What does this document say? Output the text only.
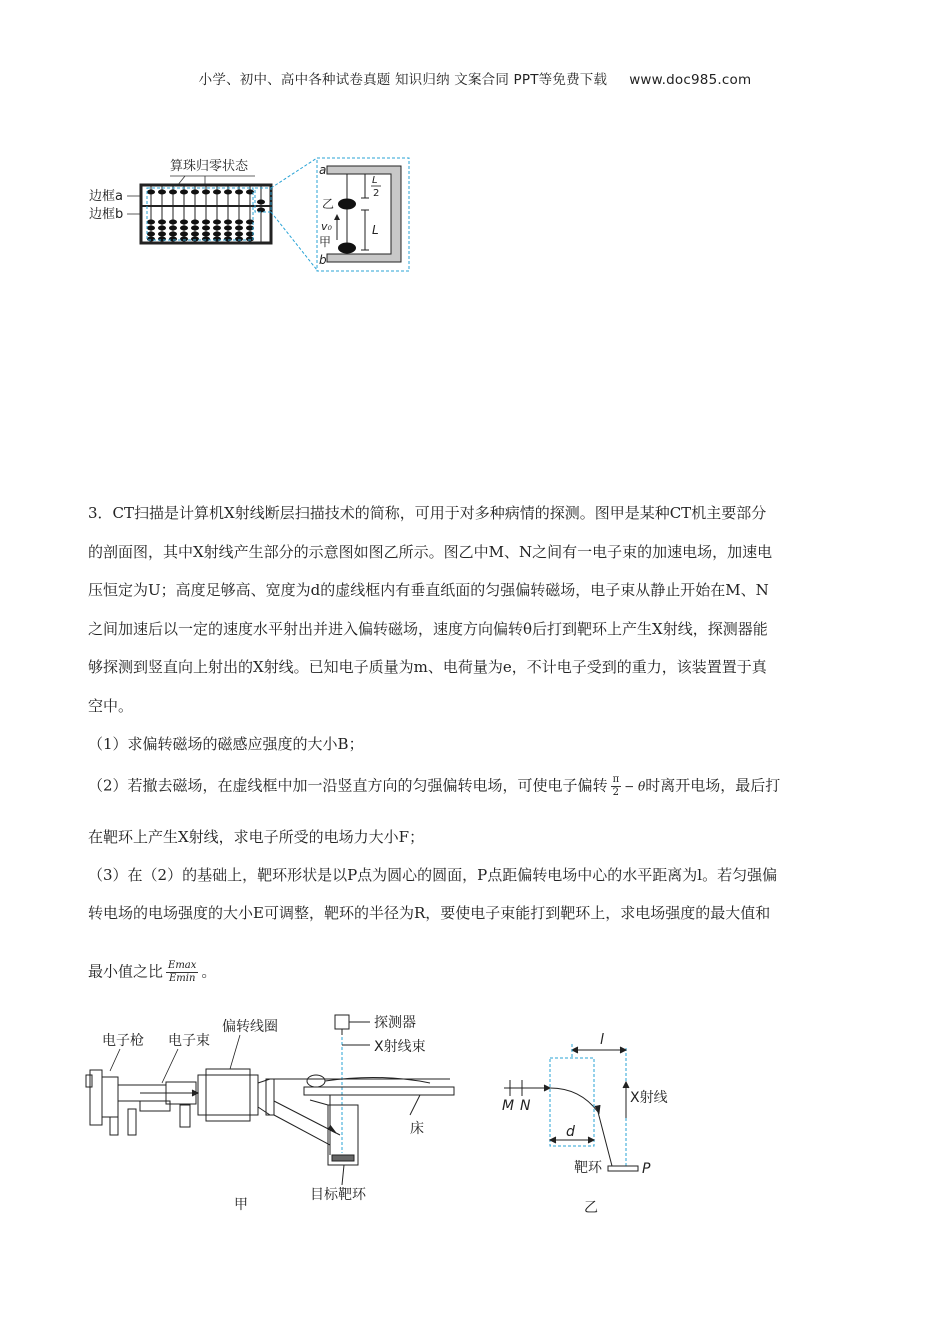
小学、初中、高中各种试卷真题 知识归纳 文案合同 PPT等免费下载 www.doc985.com
算珠归零状态
边框a
边框b
a
b
乙
甲
v₀
L
2
L
3．CT扫描是计算机X射线断层扫描技术的简称，可用于对多种病情的探测。图甲是某种CT机主要部分
的剖面图，其中X射线产生部分的示意图如图乙所示。图乙中M、N之间有一电子束的加速电场，加速电
压恒定为U；高度足够高、宽度为d的虚线框内有垂直纸面的匀强偏转磁场，电子束从静止开始在M、N
之间加速后以一定的速度水平射出并进入偏转磁场，速度方向偏转θ后打到靶环上产生X射线，探测器能
够探测到竖直向上射出的X射线。已知电子质量为m、电荷量为e，不计电子受到的重力，该装置置于真
空中。
（1）求偏转磁场的磁感应强度的大小B；
（2）若撤去磁场，在虚线框中加一沿竖直方向的匀强偏转电场，可使电子偏转 $\frac{\pi}{2} - \theta$时离开电场，最后打
在靶环上产生X射线，求电子所受的电场力大小F；
（3）在（2）的基础上，靶环形状是以P点为圆心的圆面，P点距偏转电场中心的水平距离为l。若匀强偏
转电场的电场强度的大小E可调整，靶环的半径为R，要使电子束能打到靶环上，求电场强度的最大值和
最小值之比 $\frac{Emax}{Emin}$ 。
探测器
X射线束
电子枪 电子束
偏转线圈
床
目标靶环
甲
l
M N	X射线
d
靶环	P
乙
